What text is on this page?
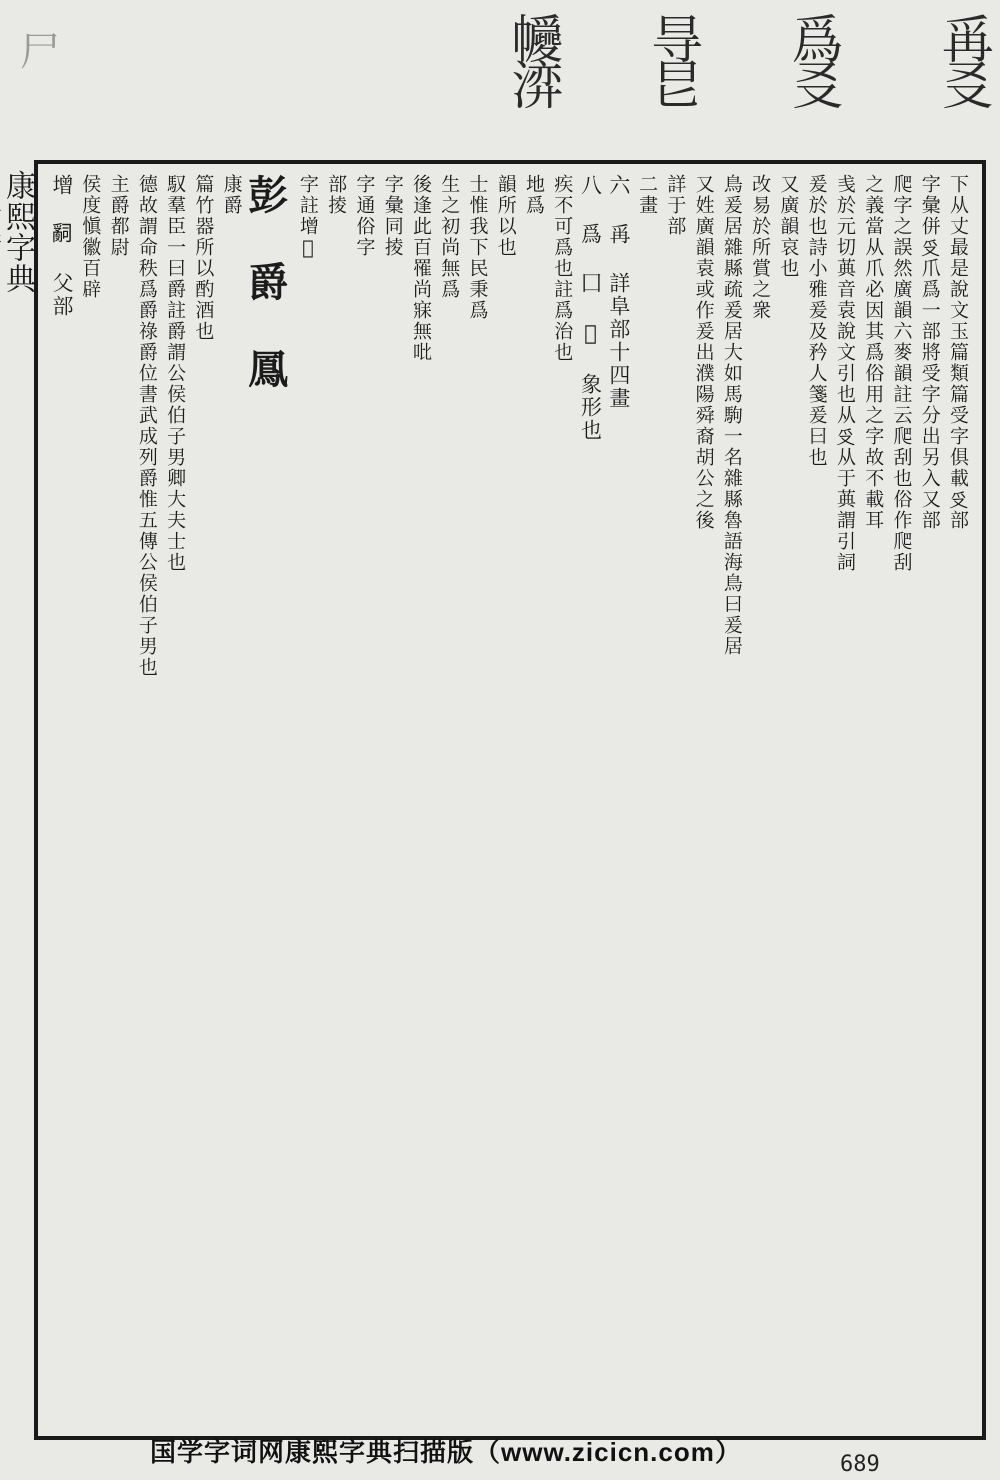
尸	爯㕛
爲㕛
㝵㫐
㡪㴒
康熙字典	下从丈最是說文玉篇類篇受字俱載𠬪部
字彙併𠬪爪爲一部將受字分出另入又部
爬字之誤然廣韻六麥韻註云爬刮也俗作爬刮
之義當从爪必因其爲俗用之字故不載耳
㦮於元切䓦音袁說文引也从𠬪从于䓦謂引詞
爰於也詩小雅爰及矜人箋爰曰也
又廣韻哀也
改易於所賞之衆
鳥爰居雜縣疏爰居大如馬駒一名雜縣魯語海鳥曰爰居
又姓廣韻袁或作爰出濮陽舜裔胡公之後
詳于部
二畫
六 爯 詳阜部十四畫
八 爲 囗 𤓰 象形也
疾不可爲也註爲治也
地爲
韻所以也
士惟我下民秉爲
生之初尚無爲
後逢此百罹尚寐無吡
字彙同掕
字通俗字
部掕
字註增𤔨
彭 爵 鳳
康爵
篇竹器所以酌酒也
馭羣臣一曰爵註爵謂公侯伯子男卿大夫士也
德故謂命秩爲爵祿爵位書武成列爵惟五傳公侯伯子男也
主爵都尉
侯度愼徽百辟
增 𤔲 父部
国学字词网康熙字典扫描版（www.zicicn.com）	689
